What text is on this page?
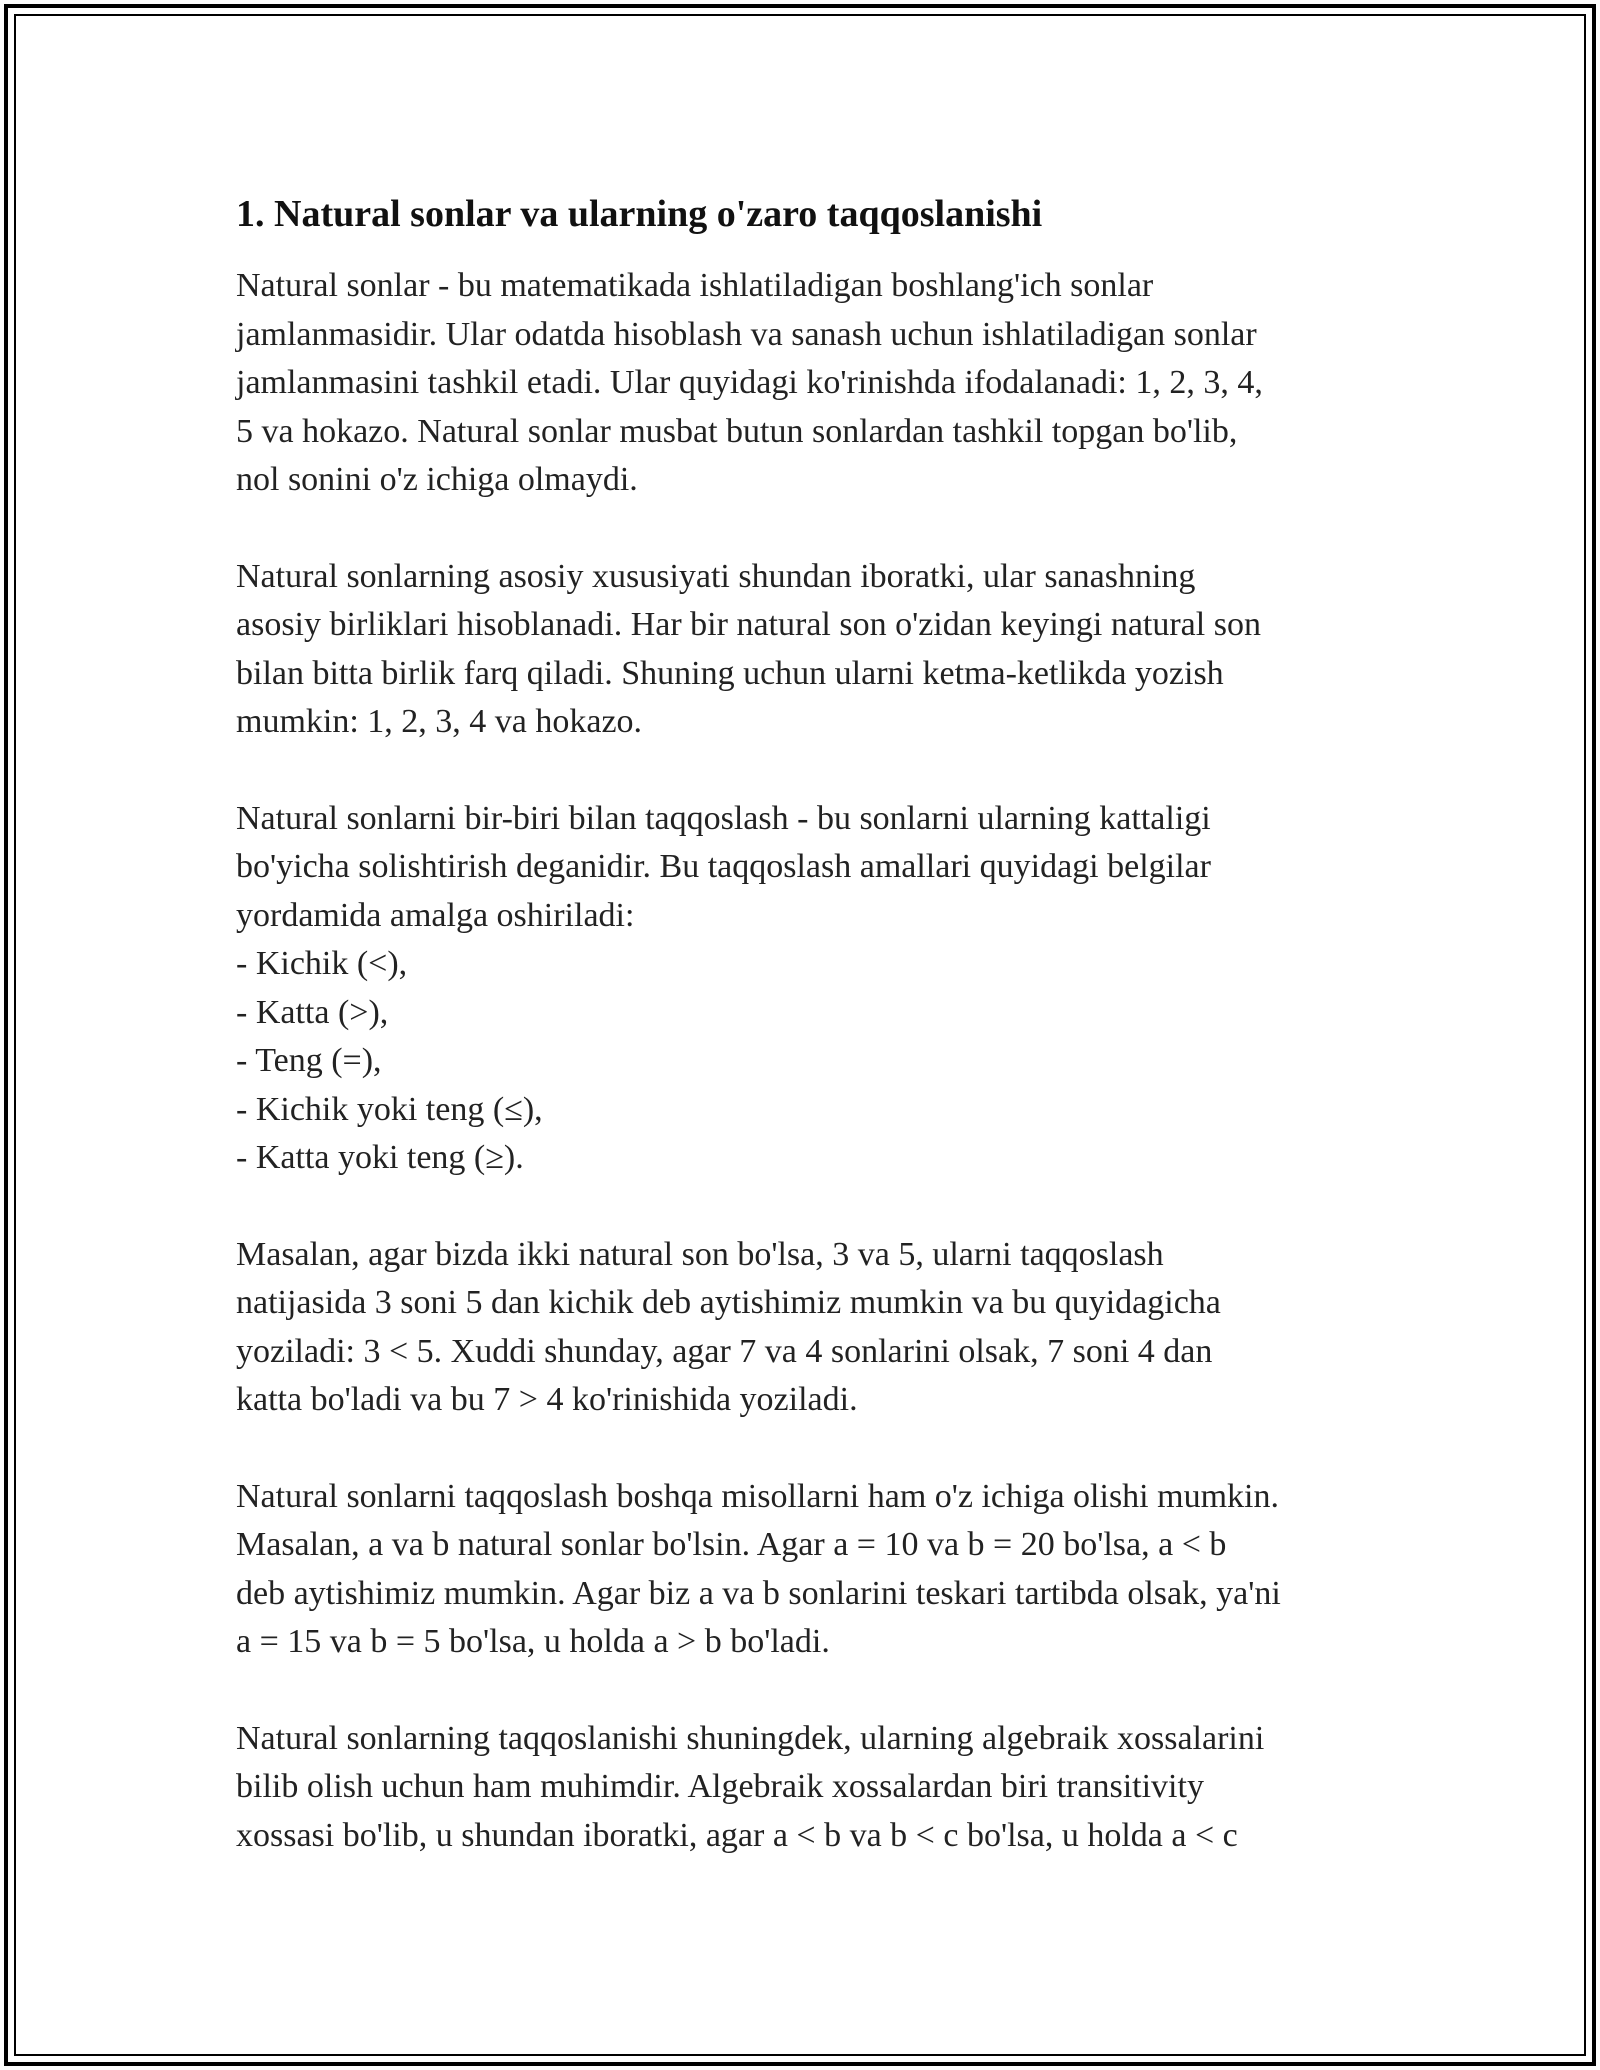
1. Natural sonlar va ularning o'zaro taqqoslanishi

Natural sonlar - bu matematikada ishlatiladigan boshlang'ich sonlar
jamlanmasidir. Ular odatda hisoblash va sanash uchun ishlatiladigan sonlar
jamlanmasini tashkil etadi. Ular quyidagi ko'rinishda ifodalanadi: 1, 2, 3, 4,
5 va hokazo. Natural sonlar musbat butun sonlardan tashkil topgan bo'lib,
nol sonini o'z ichiga olmaydi.

Natural sonlarning asosiy xususiyati shundan iboratki, ular sanashning
asosiy birliklari hisoblanadi. Har bir natural son o'zidan keyingi natural son
bilan bitta birlik farq qiladi. Shuning uchun ularni ketma-ketlikda yozish
mumkin: 1, 2, 3, 4 va hokazo.

Natural sonlarni bir-biri bilan taqqoslash - bu sonlarni ularning kattaligi
bo'yicha solishtirish deganidir. Bu taqqoslash amallari quyidagi belgilar
yordamida amalga oshiriladi:
- Kichik (<),
- Katta (>),
- Teng (=),
- Kichik yoki teng (≤),
- Katta yoki teng (≥).

Masalan, agar bizda ikki natural son bo'lsa, 3 va 5, ularni taqqoslash
natijasida 3 soni 5 dan kichik deb aytishimiz mumkin va bu quyidagicha
yoziladi: 3 < 5. Xuddi shunday, agar 7 va 4 sonlarini olsak, 7 soni 4 dan
katta bo'ladi va bu 7 > 4 ko'rinishida yoziladi.

Natural sonlarni taqqoslash boshqa misollarni ham o'z ichiga olishi mumkin.
Masalan, a va b natural sonlar bo'lsin. Agar a = 10 va b = 20 bo'lsa, a < b
deb aytishimiz mumkin. Agar biz a va b sonlarini teskari tartibda olsak, ya'ni
a = 15 va b = 5 bo'lsa, u holda a > b bo'ladi.

Natural sonlarning taqqoslanishi shuningdek, ularning algebraik xossalarini
bilib olish uchun ham muhimdir. Algebraik xossalardan biri transitivity
xossasi bo'lib, u shundan iboratki, agar a < b va b < c bo'lsa, u holda a < c
